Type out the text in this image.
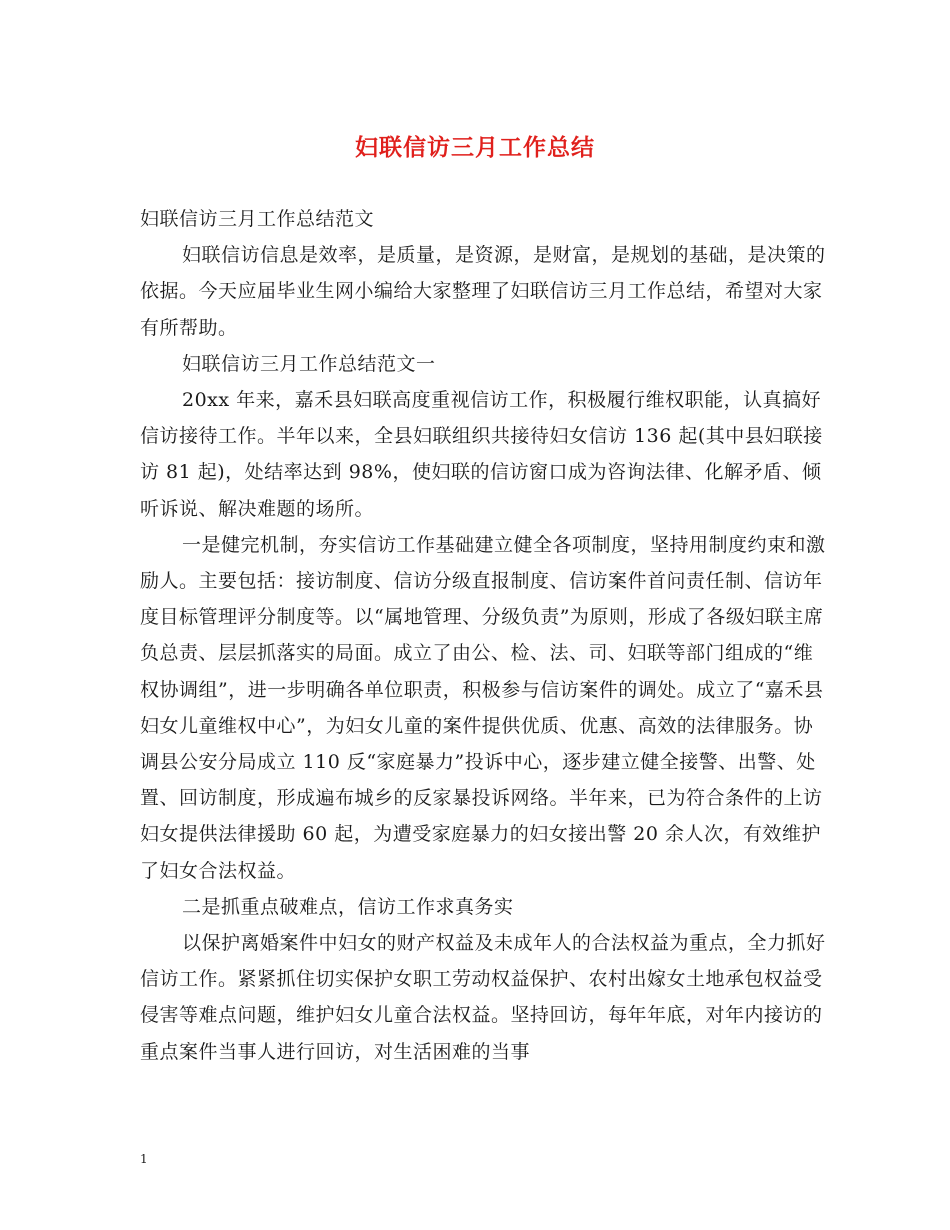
妇联信访三月工作总结

妇联信访三月工作总结范文

妇联信访信息是效率，是质量，是资源，是财富，是规划的基础，是决策的依据。今天应届毕业生网小编给大家整理了妇联信访三月工作总结，希望对大家有所帮助。

妇联信访三月工作总结范文一

20xx 年来，嘉禾县妇联高度重视信访工作，积极履行维权职能，认真搞好信访接待工作。半年以来，全县妇联组织共接待妇女信访 136 起(其中县妇联接访 81 起)，处结率达到 98%，使妇联的信访窗口成为咨询法律、化解矛盾、倾听诉说、解决难题的场所。

一是健完机制，夯实信访工作基础建立健全各项制度，坚持用制度约束和激励人。主要包括：接访制度、信访分级直报制度、信访案件首问责任制、信访年度目标管理评分制度等。以“属地管理、分级负责”为原则，形成了各级妇联主席负总责、层层抓落实的局面。成立了由公、检、法、司、妇联等部门组成的“维权协调组”，进一步明确各单位职责，积极参与信访案件的调处。成立了“嘉禾县妇女儿童维权中心”，为妇女儿童的案件提供优质、优惠、高效的法律服务。协调县公安分局成立 110 反“家庭暴力”投诉中心，逐步建立健全接警、出警、处置、回访制度，形成遍布城乡的反家暴投诉网络。半年来，已为符合条件的上访妇女提供法律援助 60 起，为遭受家庭暴力的妇女接出警 20 余人次，有效维护了妇女合法权益。

二是抓重点破难点，信访工作求真务实

以保护离婚案件中妇女的财产权益及未成年人的合法权益为重点，全力抓好信访工作。紧紧抓住切实保护女职工劳动权益保护、农村出嫁女土地承包权益受侵害等难点问题，维护妇女儿童合法权益。坚持回访，每年年底，对年内接访的重点案件当事人进行回访，对生活困难的当事

1
